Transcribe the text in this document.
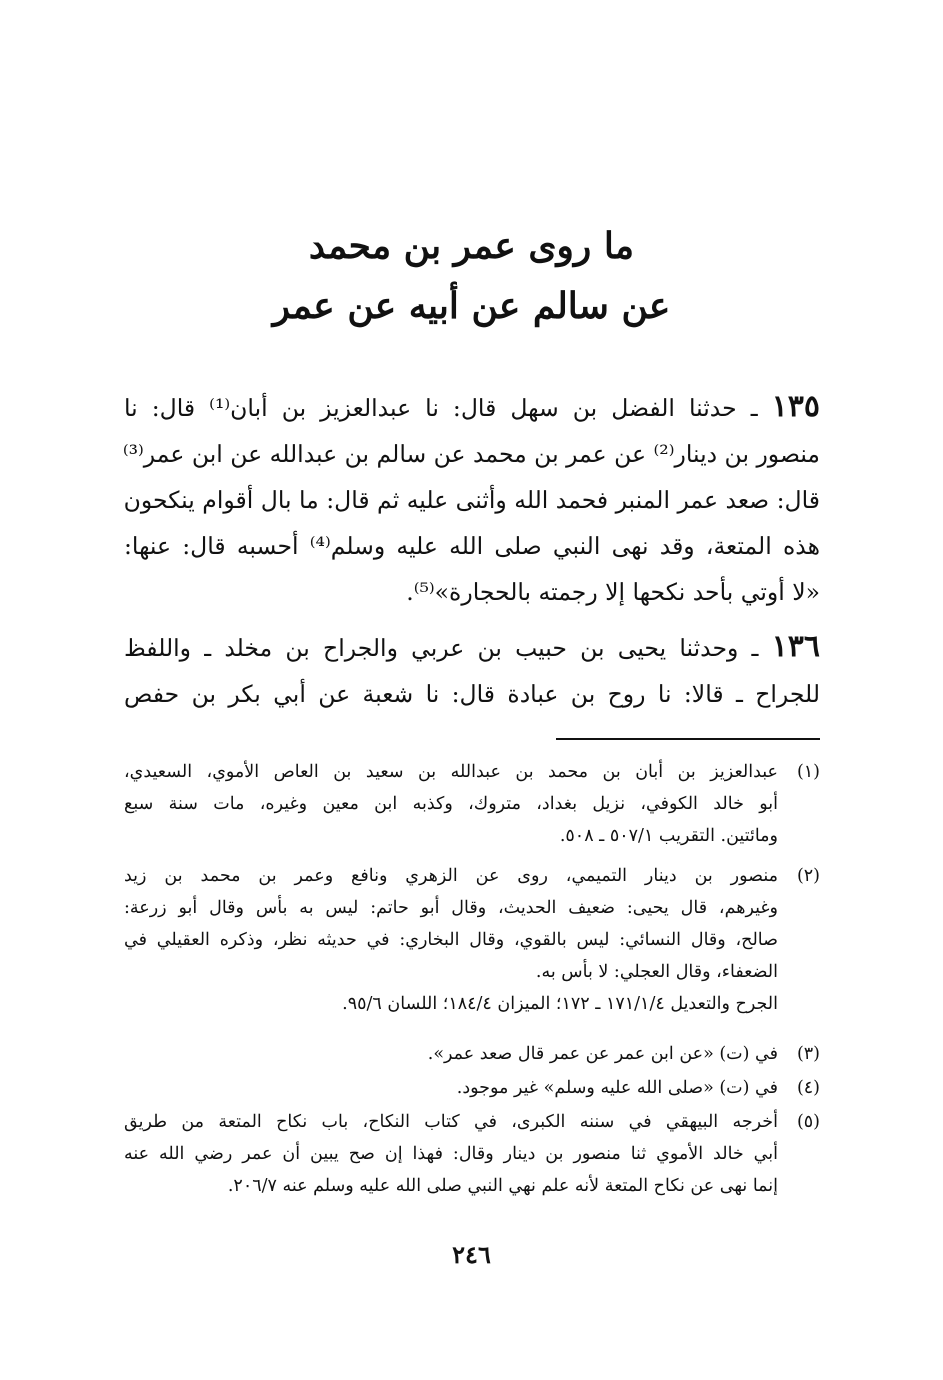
ما روى عمر بن محمد
عن سالم عن أبيه عن عمر
١٣٥ ـ حدثنا الفضل بن سهل قال: نا عبدالعزيز بن أبان⁽¹⁾ قال: نا
منصور بن دينار⁽²⁾ عن عمر بن محمد عن سالم بن عبدالله عن ابن عمر⁽³⁾
قال: صعد عمر المنبر فحمد الله وأثنى عليه ثم قال: ما بال أقوام ينكحون
هذه المتعة، وقد نهى النبي صلى الله عليه وسلم⁽⁴⁾ أحسبه قال: عنها:
«لا أوتي بأحد نكحها إلا رجمته بالحجارة»⁽⁵⁾.
١٣٦ ـ وحدثنا يحيى بن حبيب بن عربي والجراح بن مخلد ـ واللفظ
للجراح ـ قالا: نا روح بن عبادة قال: نا شعبة عن أبي بكر بن حفص
(١)
عبدالعزيز بن أبان بن محمد بن عبدالله بن سعيد بن العاص الأموي، السعيدي،
أبو خالد الكوفي، نزيل بغداد، متروك، وكذبه ابن معين وغيره، مات سنة سبع
ومائتين. التقريب ٥٠٧/١ ـ ٥٠٨.
(٢)
منصور بن دينار التميمي، روى عن الزهري ونافع وعمر بن محمد بن زيد
وغيرهم، قال يحيى: ضعيف الحديث، وقال أبو حاتم: ليس به بأس وقال أبو زرعة:
صالح، وقال النسائي: ليس بالقوي، وقال البخاري: في حديثه نظر، وذكره العقيلي في
الضعفاء، وقال العجلي: لا بأس به.
الجرح والتعديل ١٧١/١/٤ ـ ١٧٢؛ الميزان ١٨٤/٤؛ اللسان ٩٥/٦.
(٣)
في (ت) «عن ابن عمر عن عمر قال صعد عمر».
(٤)
في (ت) «صلى الله عليه وسلم» غير موجود.
(٥)
أخرجه البيهقي في سننه الكبرى، في كتاب النكاح، باب نكاح المتعة من طريق
أبي خالد الأموي ثنا منصور بن دينار وقال: فهذا إن صح يبين أن عمر رضي الله عنه
إنما نهى عن نكاح المتعة لأنه علم نهي النبي صلى الله عليه وسلم عنه ٢٠٦/٧.
٢٤٦
